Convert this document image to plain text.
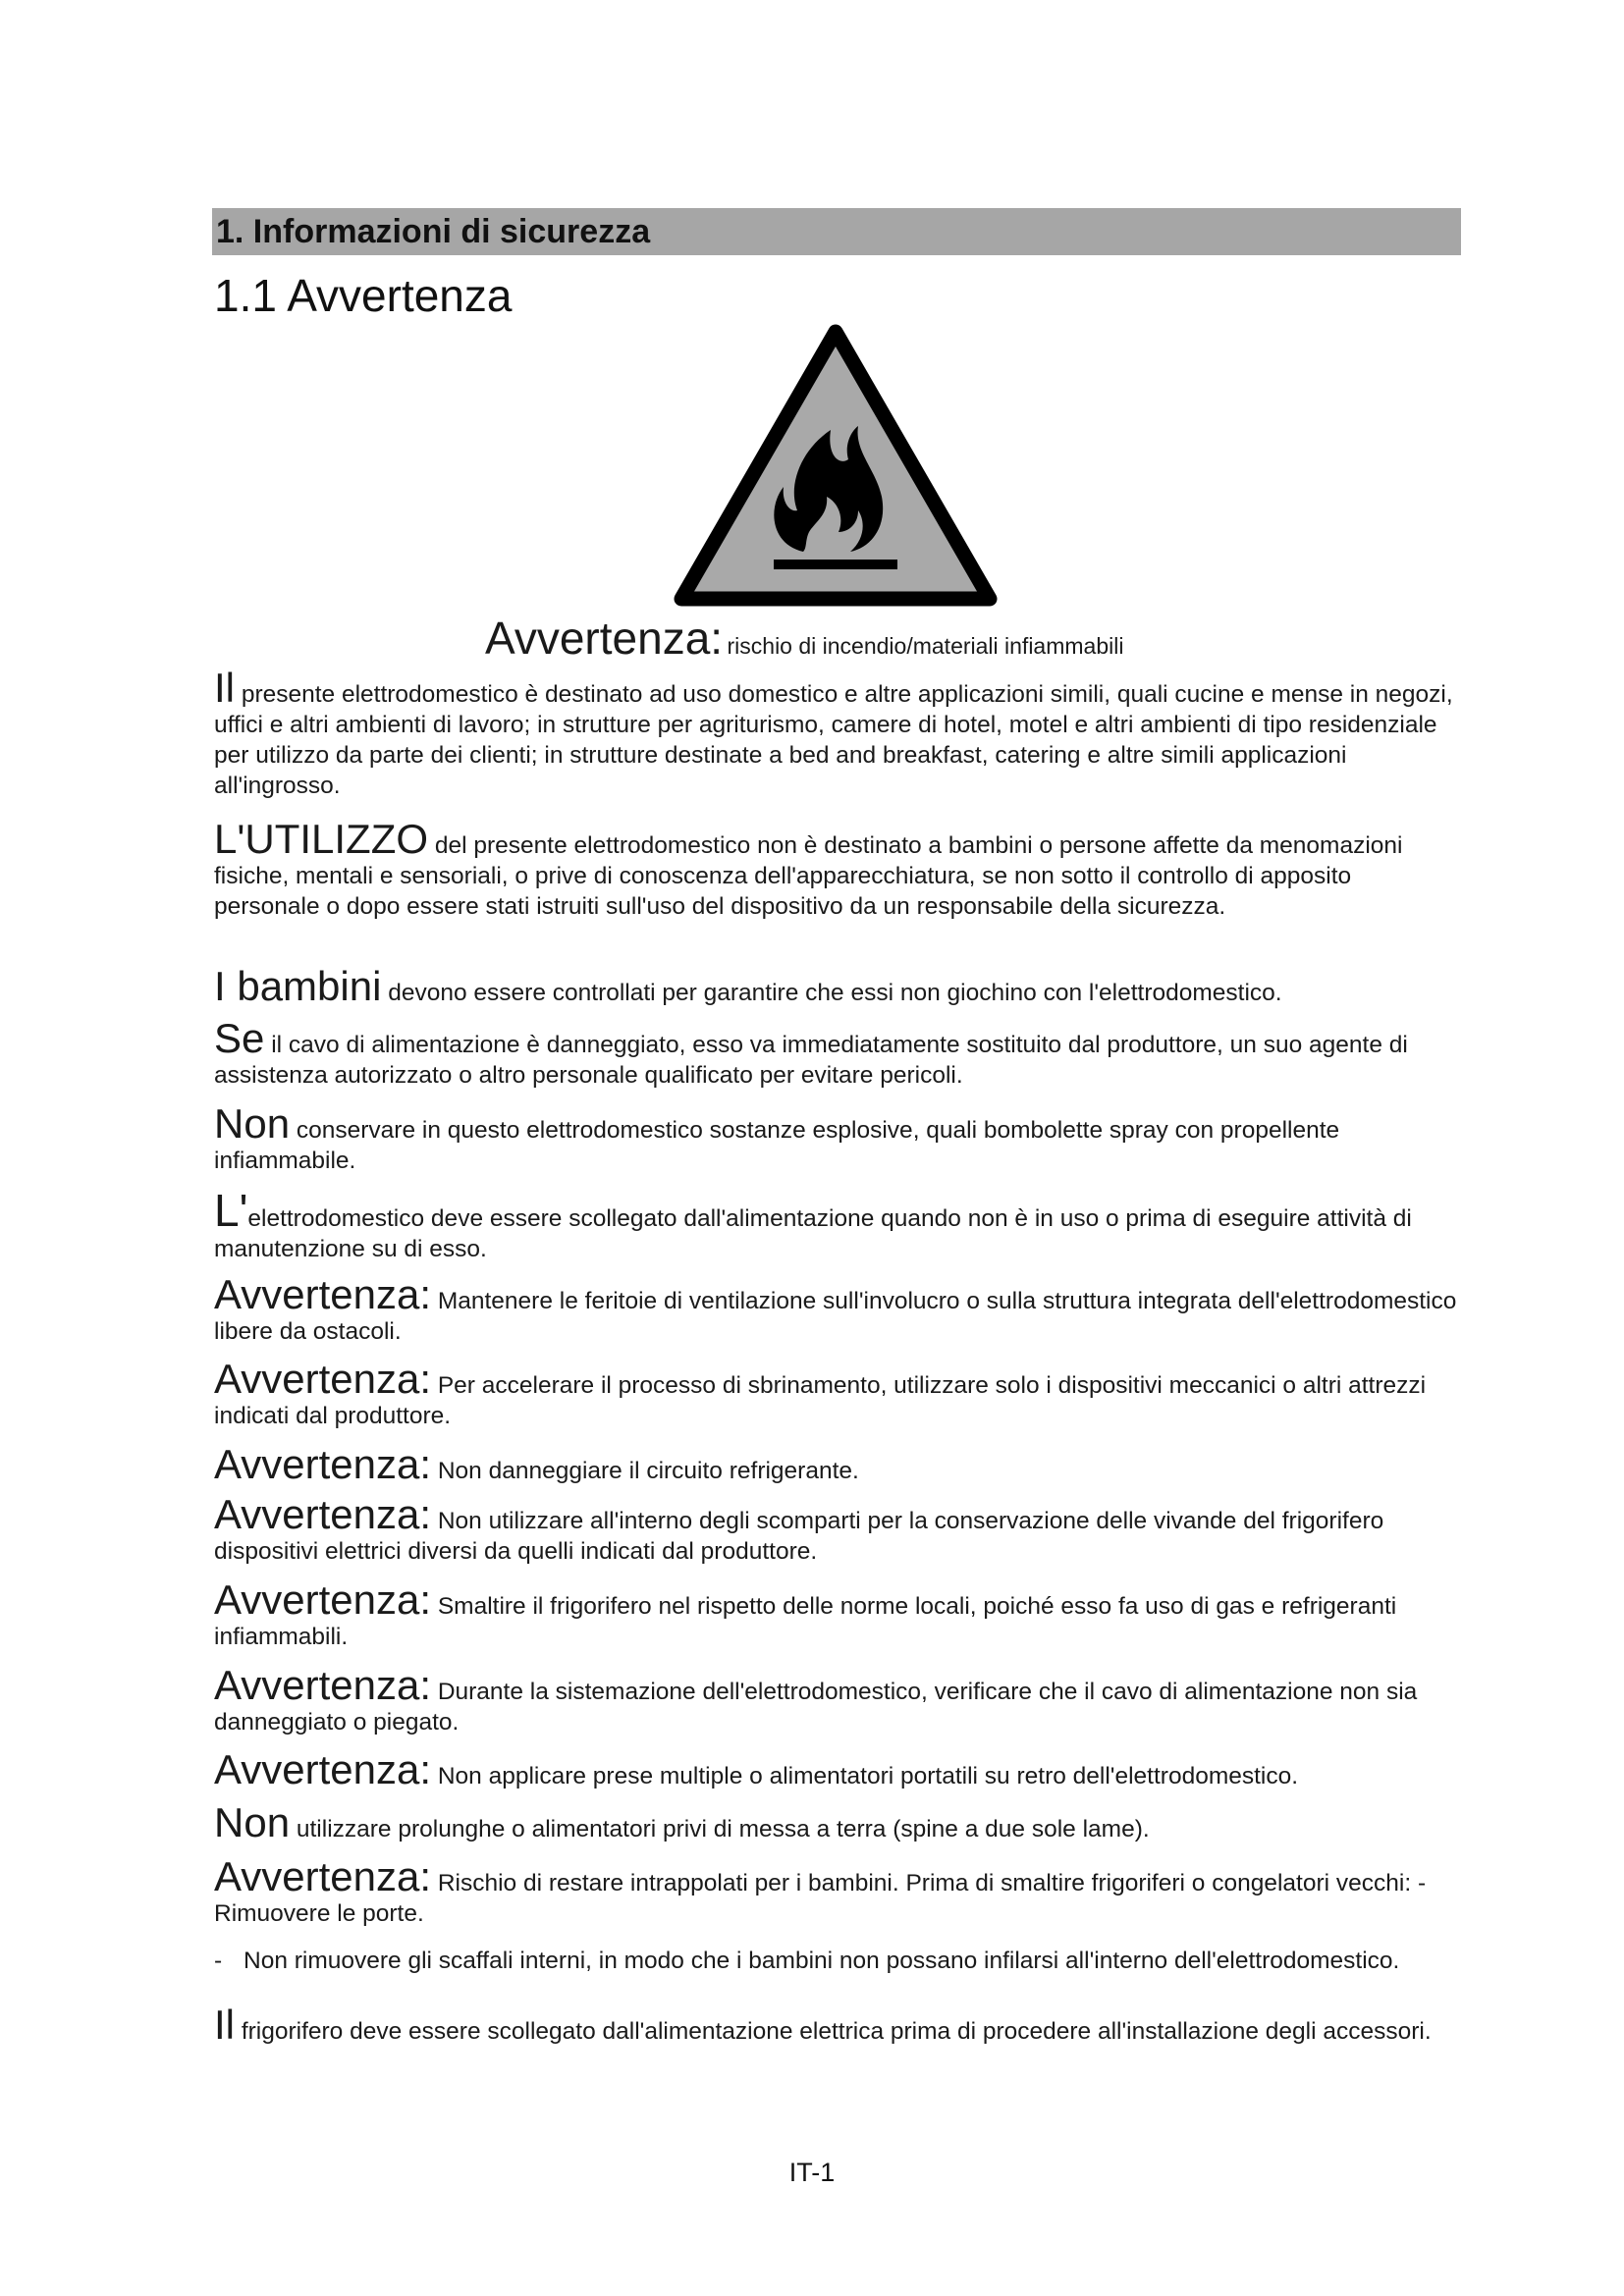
1. Informazioni di sicurezza
1.1 Avvertenza
Avvertenza: rischio di incendio/materiali infiammabili
Il presente elettrodomestico è destinato ad uso domestico e altre applicazioni simili, quali cucine e mense in negozi, uffici e altri ambienti di lavoro; in strutture per agriturismo, camere di hotel, motel e altri ambienti di tipo residenziale per utilizzo da parte dei clienti; in strutture destinate a bed and breakfast, catering e altre simili applicazioni all'ingrosso.
L'UTILIZZO del presente elettrodomestico non è destinato a bambini o persone affette da menomazioni fisiche, mentali e sensoriali, o prive di conoscenza dell'apparecchiatura, se non sotto il controllo di apposito personale o dopo essere stati istruiti sull'uso del dispositivo da un responsabile della sicurezza.
I bambini devono essere controllati per garantire che essi non giochino con l'elettrodomestico.
Se il cavo di alimentazione è danneggiato, esso va immediatamente sostituito dal produttore, un suo agente di assistenza autorizzato o altro personale qualificato per evitare pericoli.
Non conservare in questo elettrodomestico sostanze esplosive, quali bombolette spray con propellente infiammabile.
L'elettrodomestico deve essere scollegato dall'alimentazione quando non è in uso o prima di eseguire attività di manutenzione su di esso.
Avvertenza: Mantenere le feritoie di ventilazione sull'involucro o sulla struttura integrata dell'elettrodomestico libere da ostacoli.
Avvertenza: Per accelerare il processo di sbrinamento, utilizzare solo i dispositivi meccanici o altri attrezzi indicati dal produttore.
Avvertenza: Non danneggiare il circuito refrigerante.
Avvertenza: Non utilizzare all'interno degli scomparti per la conservazione delle vivande del frigorifero dispositivi elettrici diversi da quelli indicati dal produttore.
Avvertenza: Smaltire il frigorifero nel rispetto delle norme locali, poiché esso fa uso di gas e refrigeranti infiammabili.
Avvertenza: Durante la sistemazione dell'elettrodomestico, verificare che il cavo di alimentazione non sia danneggiato o piegato.
Avvertenza: Non applicare prese multiple o alimentatori portatili su retro dell'elettrodomestico.
Non utilizzare prolunghe o alimentatori privi di messa a terra (spine a due sole lame).
Avvertenza: Rischio di restare intrappolati per i bambini. Prima di smaltire frigoriferi o congelatori vecchi: - Rimuovere le porte.
- Non rimuovere gli scaffali interni, in modo che i bambini non possano infilarsi all'interno dell'elettrodomestico.
Il frigorifero deve essere scollegato dall'alimentazione elettrica prima di procedere all'installazione degli accessori.
IT-1
